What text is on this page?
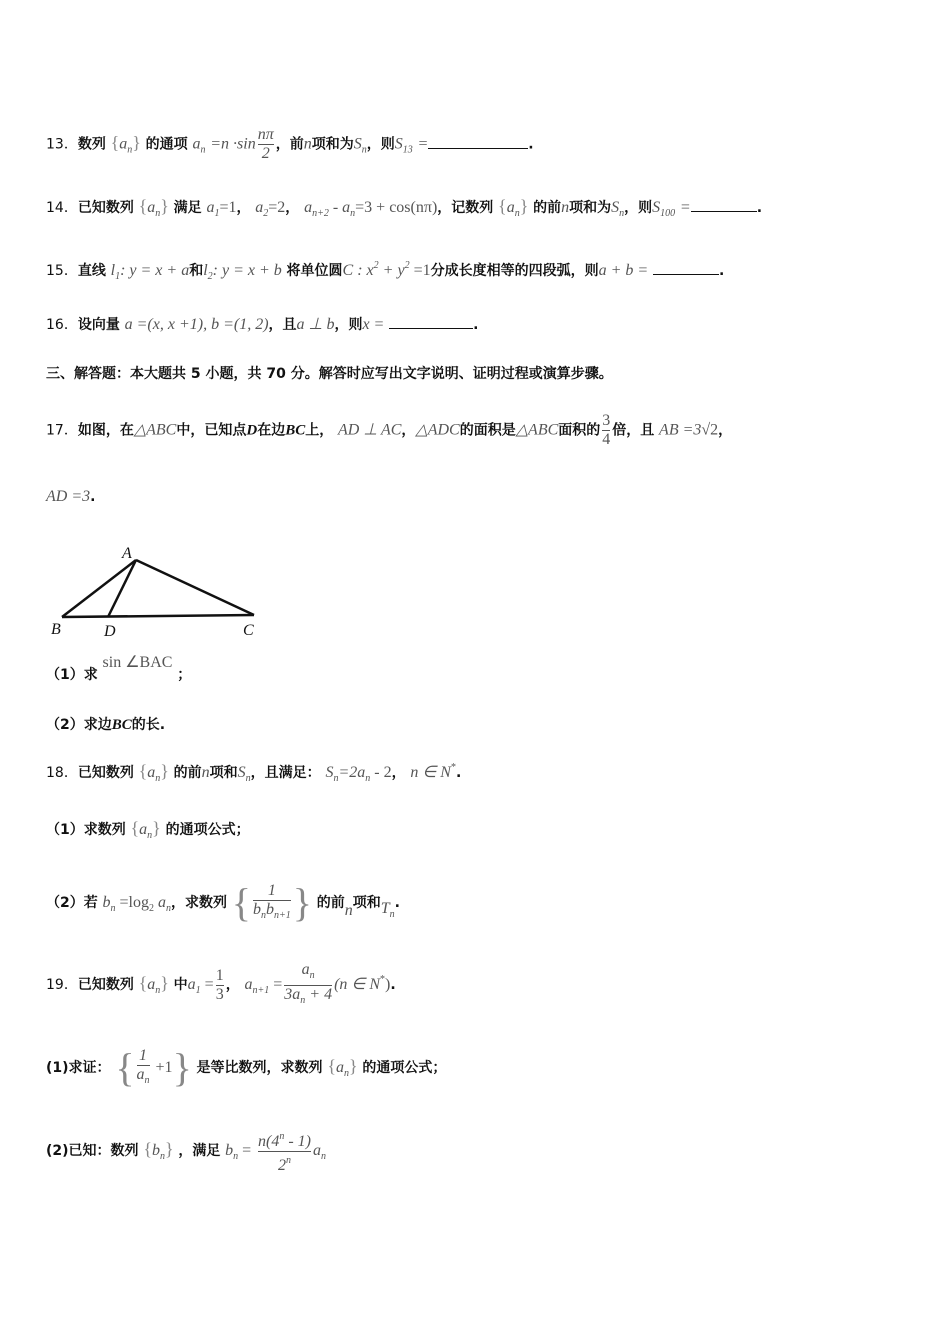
13．数列 $\{a_n\}$ 的通项 $a_n =n \cdot\sin \frac{n\pi}{2}$ ，前n项和为$S_n$，则$S_{13}$ =	.
14．已知数列 $\{a_n\}$ 满足 $a_1=1$， $a_2=2$， $a_{n+2} - a_n=3 + \cos(n\pi)$，记数列 $\{a_n\}$ 的前n项和为$S_n$，则$S_{100}$ =	.
15．直线 $l_1$: y = x + a和$l_2$: y = x + b 将单位圆C : $x^2 + y^2 =1$分成长度相等的四段弧，则a + b =	.
16．设向量 a =(x, x +1), b =(1, 2)，且a ⊥ b，则x =	.
三、解答题：本大题共 5 小题，共 70 分。解答时应写出文字说明、证明过程或演算步骤。
17．如图，在△ABC中，已知点D在边BC上， AD ⊥ AC，△ADC的面积是△ABC面积的 $\frac{3}{4}$ 倍，且 AB =3√2，
AD =3.
A
B	D	C
（1）求 sin ∠BAC ；
（2）求边BC的长.
18．已知数列 $\{a_n\}$ 的前n项和$S_n$，且满足： $S_n=2a_n - 2$， n ∈ N*.
（1）求数列 $\{a_n\}$ 的通项公式；
（2）若 $b_n =\log_2$ $a_n$，求数列 { $\frac{1}{b_nb_{n+1}}$ } 的前n项和$T_n$.
19．已知数列 $\{a_n\}$ 中$a_1 = \frac{1}{3}$ ， $a_{n+1} = \frac{a_n}{3a_n + 4} (n$ ∈ N*).
(1)求证： { $\frac{1}{a_n} +1$} 是等比数列，求数列 $\{a_n\}$ 的通项公式；
(2)已知：数列 $\{b_n\}$ ，满足 $b_n = \frac{n(4^n - 1)}{2^n} a_n$
